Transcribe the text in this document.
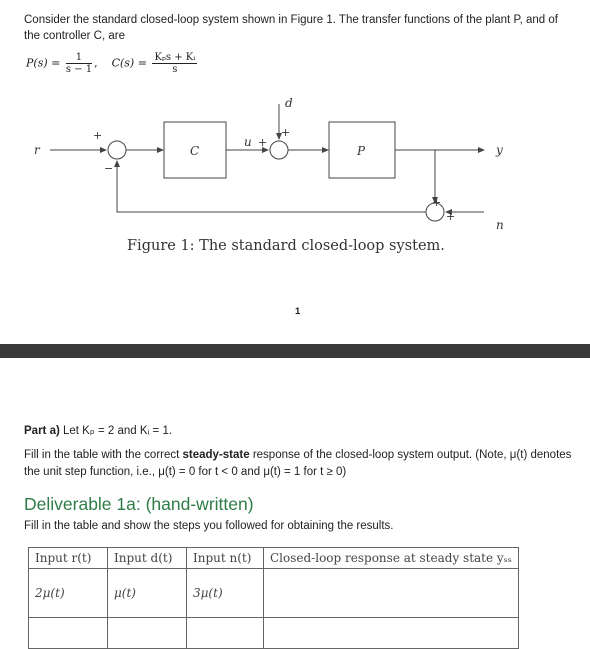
Consider the standard closed-loop system shown in Figure 1. The transfer functions of the plant P, and of the controller C, are
$P(s) = \frac{1}{s - 1}$ , $C(s) = \frac{\text{Kₚs + Kᵢ}}{s}$
r
+
−
C
u +
+
d
P	y
+
+
n
Figure 1: The standard closed-loop system.
1
Part a) Let Kₚ = 2 and Kᵢ = 1.
Fill in the table with the correct steady-state response of the closed-loop system output. (Note, μ(t) denotes the unit step function, i.e., μ(t) = 0 for t < 0 and μ(t) = 1 for t ≥ 0)
Deliverable 1a: (hand-written)
Fill in the table and show the steps you followed for obtaining the results.
Input r(t)	Input d(t)	Input n(t)	Closed-loop response at steady state yₛₛ
2μ(t)	μ(t)	3μ(t)	
